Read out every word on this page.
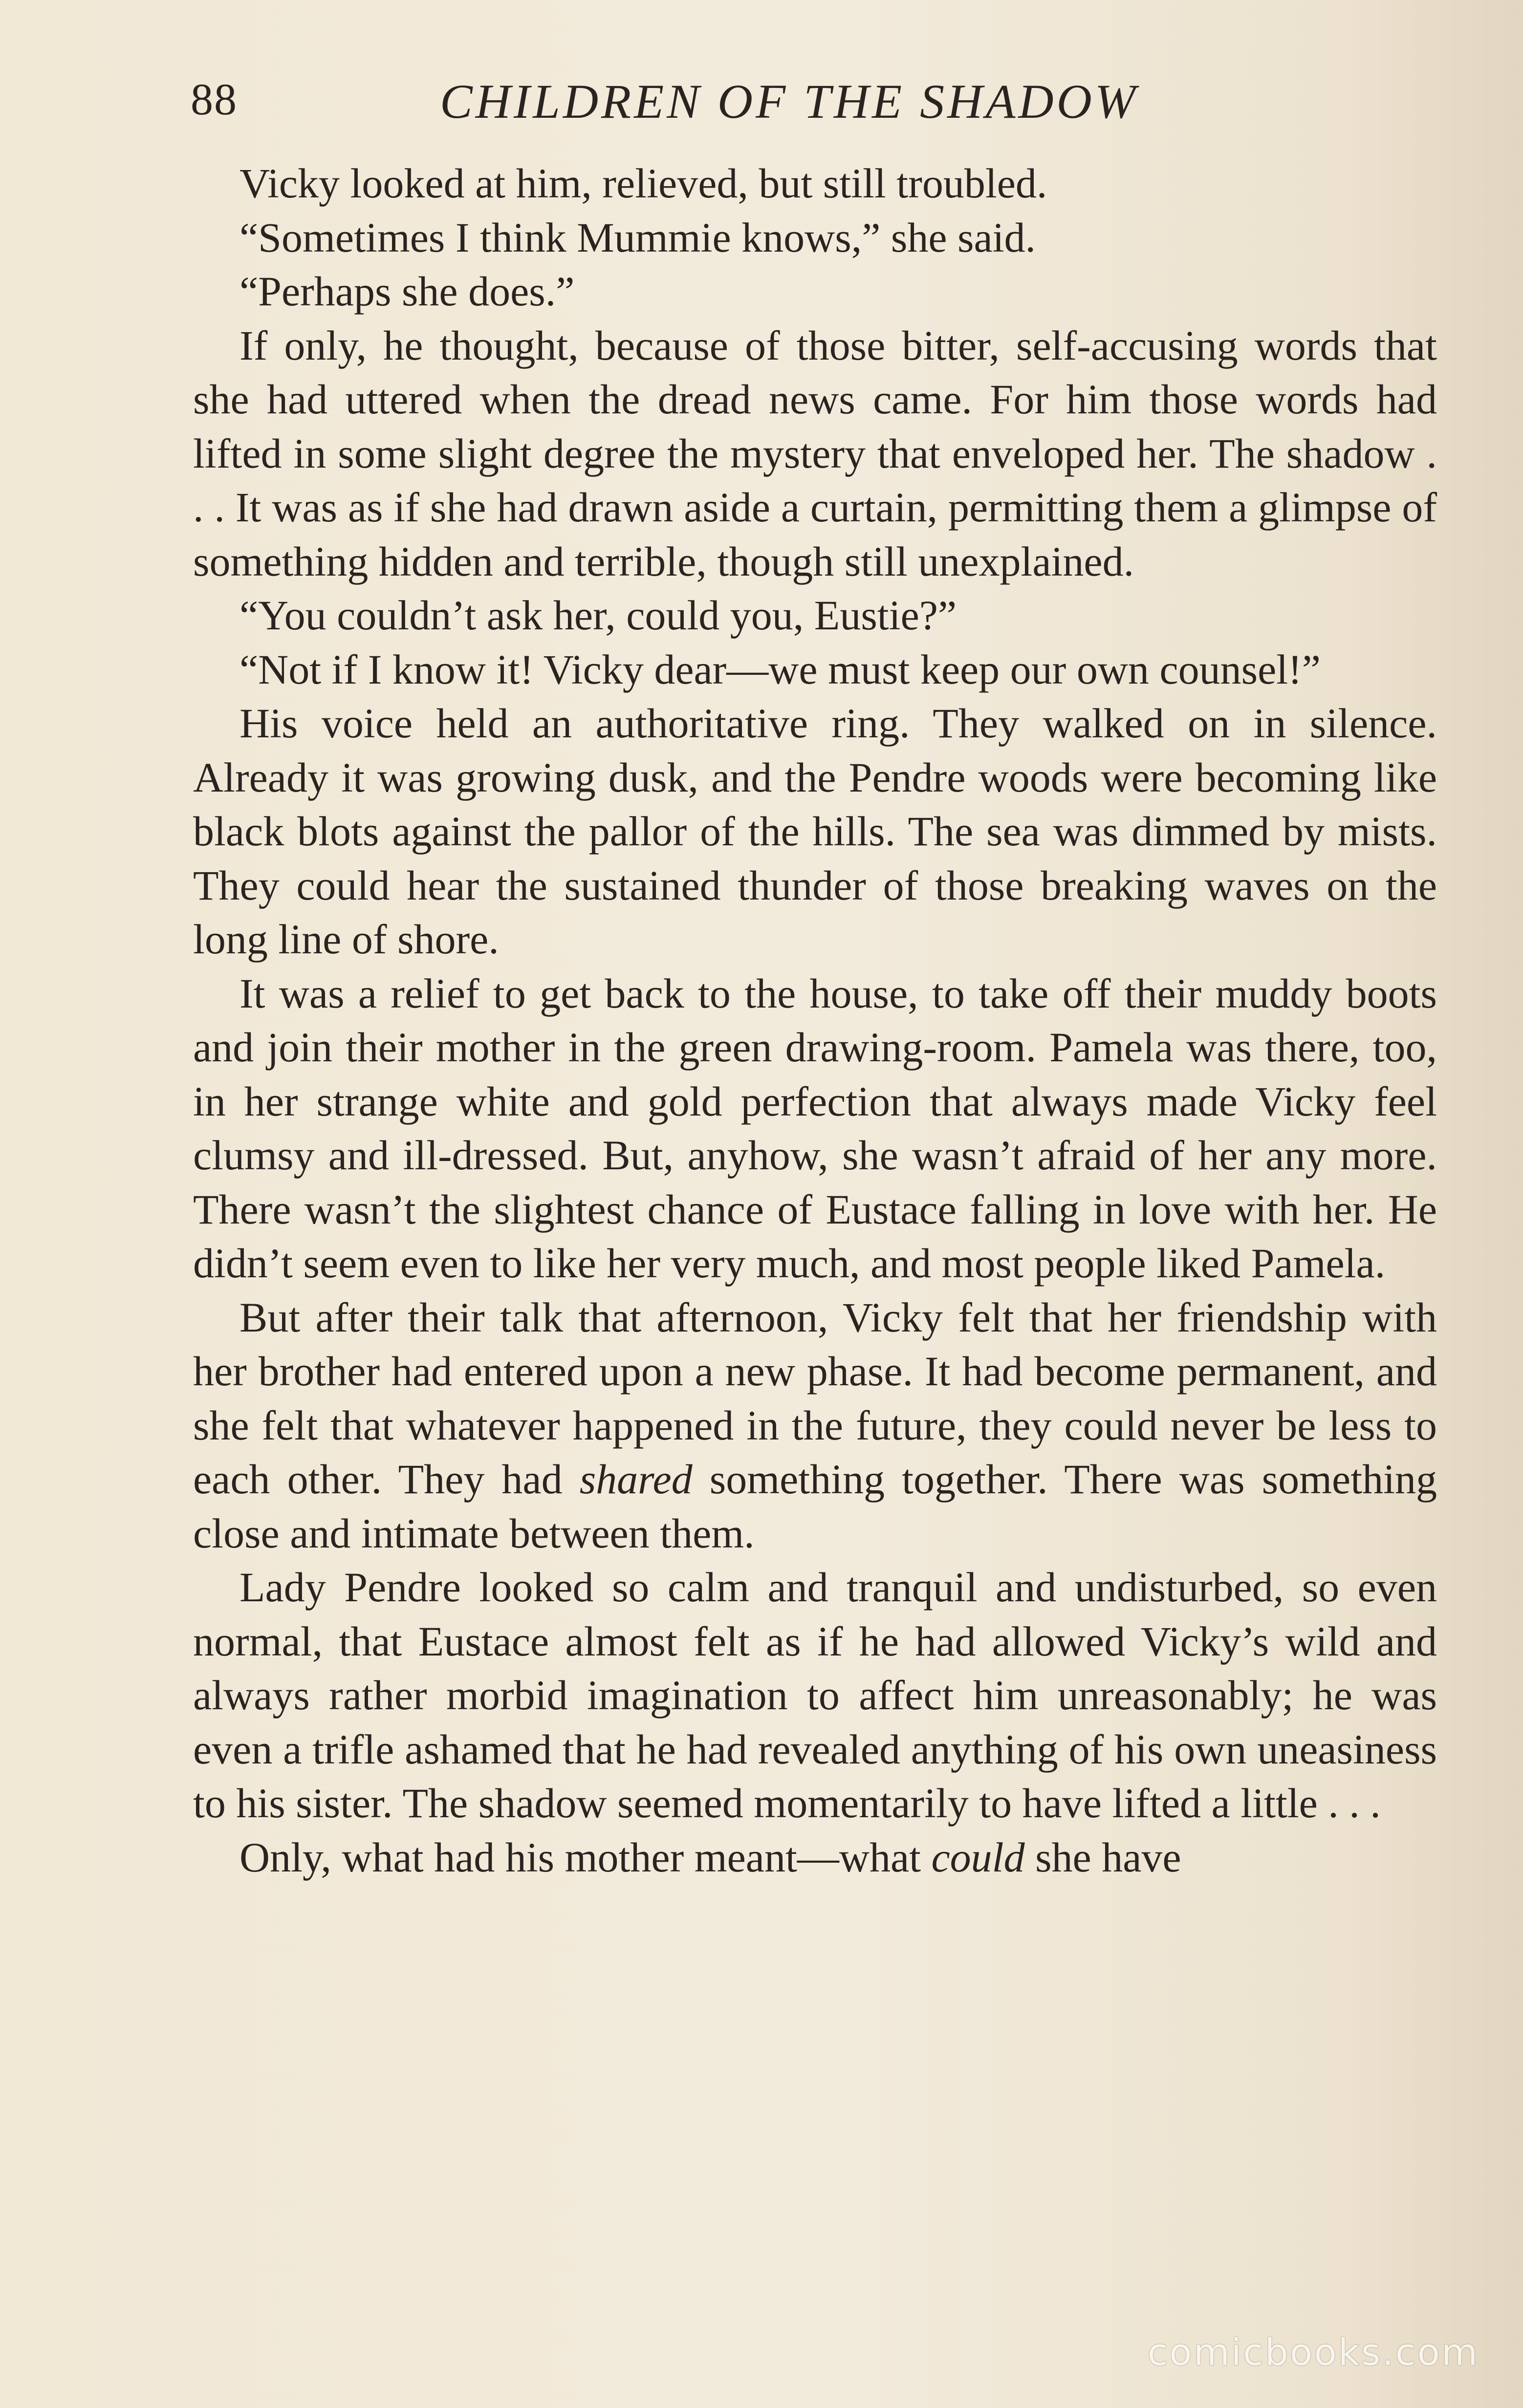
88	CHILDREN OF THE SHADOW

Vicky looked at him, relieved, but still troubled.

“Sometimes I think Mummie knows,” she said.

“Perhaps she does.”

If only, he thought, because of those bitter, self-accusing words that she had uttered when the dread news came. For him those words had lifted in some slight degree the mystery that enveloped her. The shadow . . . It was as if she had drawn aside a curtain, permitting them a glimpse of something hidden and terrible, though still unexplained.

“You couldn’t ask her, could you, Eustie?”

“Not if I know it! Vicky dear—we must keep our own counsel!”

His voice held an authoritative ring. They walked on in silence. Already it was growing dusk, and the Pendre woods were becoming like black blots against the pallor of the hills. The sea was dimmed by mists. They could hear the sustained thunder of those breaking waves on the long line of shore.

It was a relief to get back to the house, to take off their muddy boots and join their mother in the green drawing-room. Pamela was there, too, in her strange white and gold perfection that always made Vicky feel clumsy and ill-dressed. But, anyhow, she wasn’t afraid of her any more. There wasn’t the slightest chance of Eustace falling in love with her. He didn’t seem even to like her very much, and most people liked Pamela.

But after their talk that afternoon, Vicky felt that her friendship with her brother had entered upon a new phase. It had become permanent, and she felt that whatever happened in the future, they could never be less to each other. They had shared something together. There was something close and intimate between them.

Lady Pendre looked so calm and tranquil and undisturbed, so even normal, that Eustace almost felt as if he had allowed Vicky’s wild and always rather morbid imagination to affect him unreasonably; he was even a trifle ashamed that he had revealed anything of his own uneasiness to his sister. The shadow seemed momentarily to have lifted a little . . .

Only, what had his mother meant—what could she have

comicbooks.com
